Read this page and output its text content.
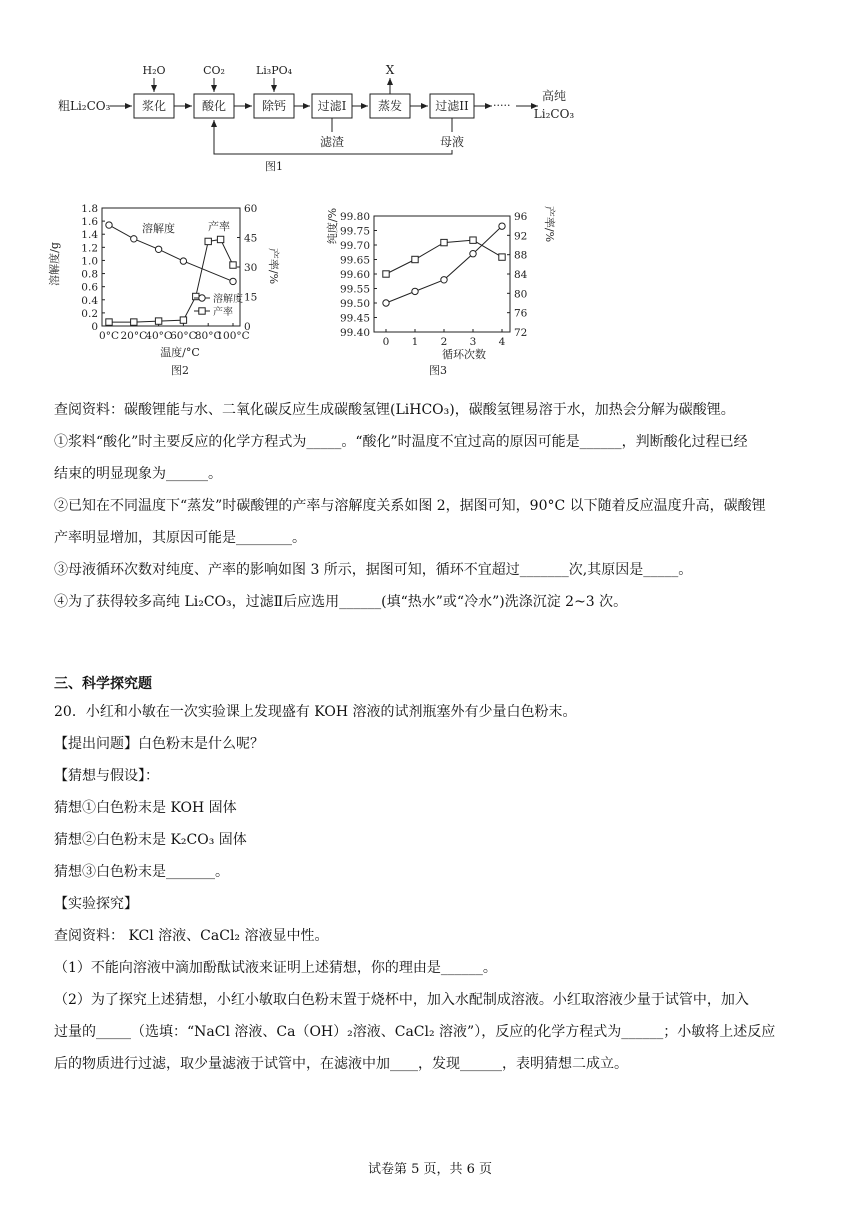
粗Li₂CO₃	浆化	酸化	除钙	过滤I	蒸发	过滤II ·····
高纯
Li₂CO₃
H₂O	CO₂	Li₃PO₄	X
滤渣	母液
图1
溶解度/g	产率/%
温度/°C
图2
溶解度	产率
0
0.2
0.4
0.6
0.8
1.0
1.2
1.4
1.6
1.8
0
15
30
45
60
0°C 20°C
40°C
60°C
80°C
100°C
溶解度
产率
纯度/%	产率/%
循环次数
图3
99.40
99.45
99.50
99.55
99.60
99.65
99.70
99.75
99.80
72
76
80
84
88
92
96
0 1 2 3 4

查阅资料：碳酸锂能与水、二氧化碳反应生成碳酸氢锂(LiHCO₃)，碳酸氢锂易溶于水，加热会分解为碳酸锂。

①浆料“酸化”时主要反应的化学方程式为_____。“酸化”时温度不宜过高的原因可能是______，判断酸化过程已经

结束的明显现象为______。

②已知在不同温度下“蒸发”时碳酸锂的产率与溶解度关系如图 2，据图可知，90°C 以下随着反应温度升高，碳酸锂

产率明显增加，其原因可能是________。

③母液循环次数对纯度、产率的影响如图 3 所示，据图可知，循环不宜超过_______次,其原因是_____。

④为了获得较多高纯 Li₂CO₃，过滤Ⅱ后应选用______(填“热水”或“冷水”)洗涤沉淀 2~3 次。

三、科学探究题

20．小红和小敏在一次实验课上发现盛有 KOH 溶液的试剂瓶塞外有少量白色粉末。

【提出问题】白色粉末是什么呢？

【猜想与假设】：

猜想①白色粉末是 KOH 固体

猜想②白色粉末是 K₂CO₃ 固体

猜想③白色粉末是_______。

【实验探究】

查阅资料： KCl 溶液、CaCl₂ 溶液显中性。

（1）不能向溶液中滴加酚酞试液来证明上述猜想，你的理由是______。

（2）为了探究上述猜想，小红小敏取白色粉末置于烧杯中，加入水配制成溶液。小红取溶液少量于试管中，加入

过量的_____（选填：“NaCl 溶液、Ca（OH）₂溶液、CaCl₂ 溶液”），反应的化学方程式为______；小敏将上述反应

后的物质进行过滤，取少量滤液于试管中，在滤液中加____，发现______，表明猜想二成立。

试卷第 5 页，共 6 页
